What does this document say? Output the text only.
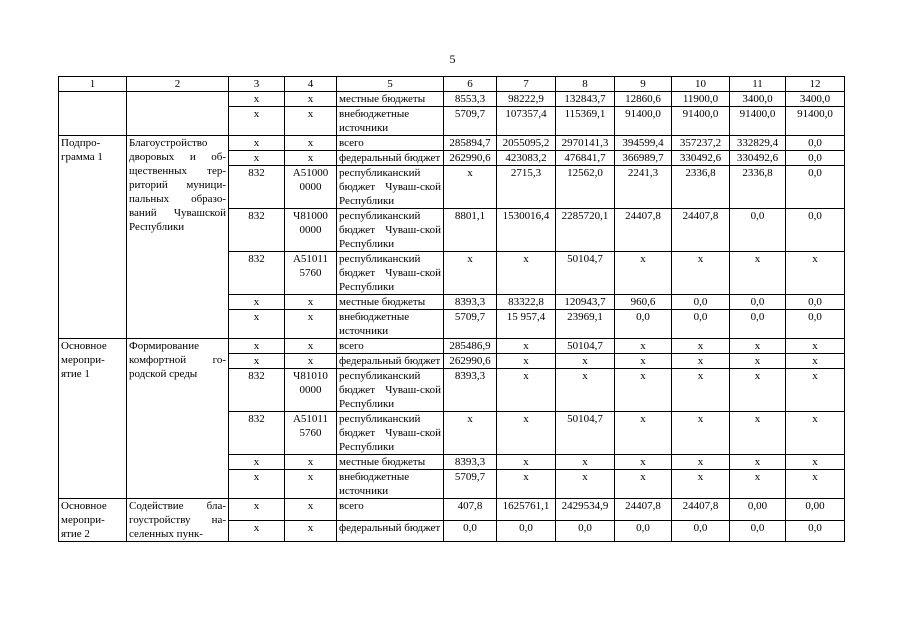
5
1	2	3	4	5	6	7	8	9	10	11	12
		х	х	местные бюджеты	8553,3	98222,9	132843,7	12860,6	11900,0	3400,0	3400,0
		х	х	внебюджетные источники	5709,7	107357,4	115369,1	91400,0	91400,0	91400,0	91400,0
Подпро-грамма 1	Благоустройство дворовых и об-щественных тер-риторий муници-пальных образо-ваний Чувашской Республики	х	х	всего	285894,7	2055095,2	2970141,3	394599,4	357237,2	332829,4	0,0
		х	х	федеральный бюджет	262990,6	423083,2	476841,7	366989,7	330492,6	330492,6	0,0
		832	А51000 0000	республиканский бюджет Чуваш-ской Республики	х	2715,3	12562,0	2241,3	2336,8	2336,8	0,0
		832	Ч81000 0000	республиканский бюджет Чуваш-ской Республики	8801,1	1530016,4	2285720,1	24407,8	24407,8	0,0	0,0
		832	А51011 5760	республиканский бюджет Чуваш-ской Республики	х	х	50104,7	х	х	х	х
		х	х	местные бюджеты	8393,3	83322,8	120943,7	960,6	0,0	0,0	0,0
		х	х	внебюджетные источники	5709,7	15 957,4	23969,1	0,0	0,0	0,0	0,0
Основное меропри-ятие 1	Формирование комфортной го-родской среды	х	х	всего	285486,9	х	50104,7	х	х	х	х
		х	х	федеральный бюджет	262990,6	х	х	х	х	х	х
		832	Ч81010 0000	республиканский бюджет Чуваш-ской Республики	8393,3	х	х	х	х	х	х
		832	А51011 5760	республиканский бюджет Чуваш-ской Республики	х	х	50104,7	х	х	х	х
		х	х	местные бюджеты	8393,3	х	х	х	х	х	х
		х	х	внебюджетные источники	5709,7	х	х	х	х	х	х
Основное меропри-ятие 2	Содействие бла-гоустройству на-селенных пунк-	х	х	всего	407,8	1625761,1	2429534,9	24407,8	24407,8	0,00	0,00
		х	х	федеральный бюджет	0,0	0,0	0,0	0,0	0,0	0,0	0,0
